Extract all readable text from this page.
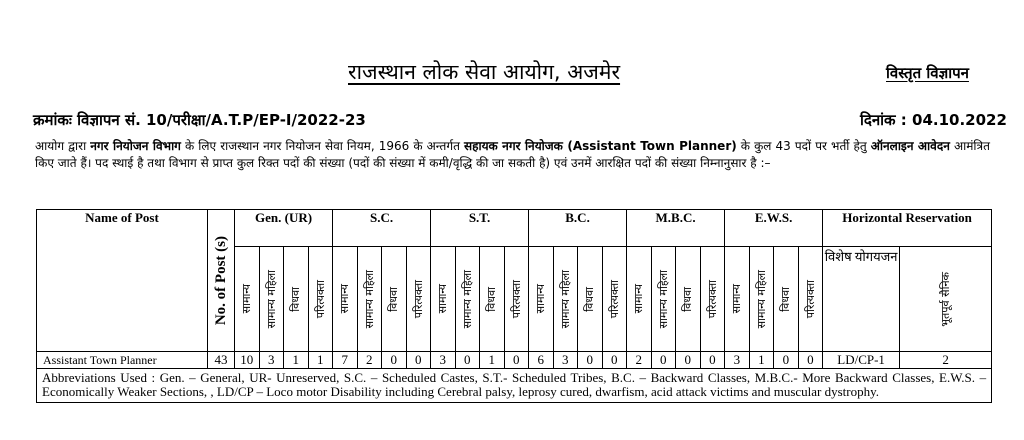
राजस्थान लोक सेवा आयोग, अजमेर	विस्तृत विज्ञापन
क्रमांकः विज्ञापन सं. 10/परीक्षा/A.T.P/EP-I/2022-23	दिनांक : 04.10.2022
आयोग द्वारा नगर नियोजन विभाग के लिए राजस्थान नगर नियोजन सेवा नियम, 1966 के अन्तर्गत सहायक नगर नियोजक (Assistant Town Planner) के कुल 43 पदों पर भर्ती हेतु ऑनलाइन आवेदन आमंत्रित किए जाते हैं। पद स्थाई है तथा विभाग से प्राप्त कुल रिक्त पदों की संख्या (पदों की संख्या में कमी/वृद्धि की जा सकती है) एवं उनमें आरक्षित पदों की संख्या निम्नानुसार है :–
Name of Post	No. of Post (s)	Gen. (UR)				S.C.				S.T.				B.C.				M.B.C.				E.W.S.				Horizontal Reservation	

		सामान्य	सामान्य महिला	विधवा	परित्यक्ता	सामान्य	सामान्य महिला	विधवा	परित्यक्ता	सामान्य	सामान्य महिला	विधवा	परित्यक्ता	सामान्य	सामान्य महिला	विधवा	परित्यक्ता	सामान्य	सामान्य महिला	विधवा	परित्यक्ता	सामान्य	सामान्य महिला	विधवा	परित्यक्ता	विशेष योगयजन	भूतपूर्व सैनिक

Assistant Town Planner	43	10	3	1	1	7	2	0	0	3	0	1	0	6	3	0	0	2	0	0	0	3	1	0	0	LD/CP-1	2
Abbreviations Used : Gen. – General, UR- Unreserved, S.C. – Scheduled Castes, S.T.- Scheduled Tribes, B.C. – Backward Classes, M.B.C.- More Backward Classes, E.W.S. – Economically Weaker Sections, , LD/CP – Loco motor Disability including Cerebral palsy, leprosy cured, dwarfism, acid attack victims and muscular dystrophy.																											
